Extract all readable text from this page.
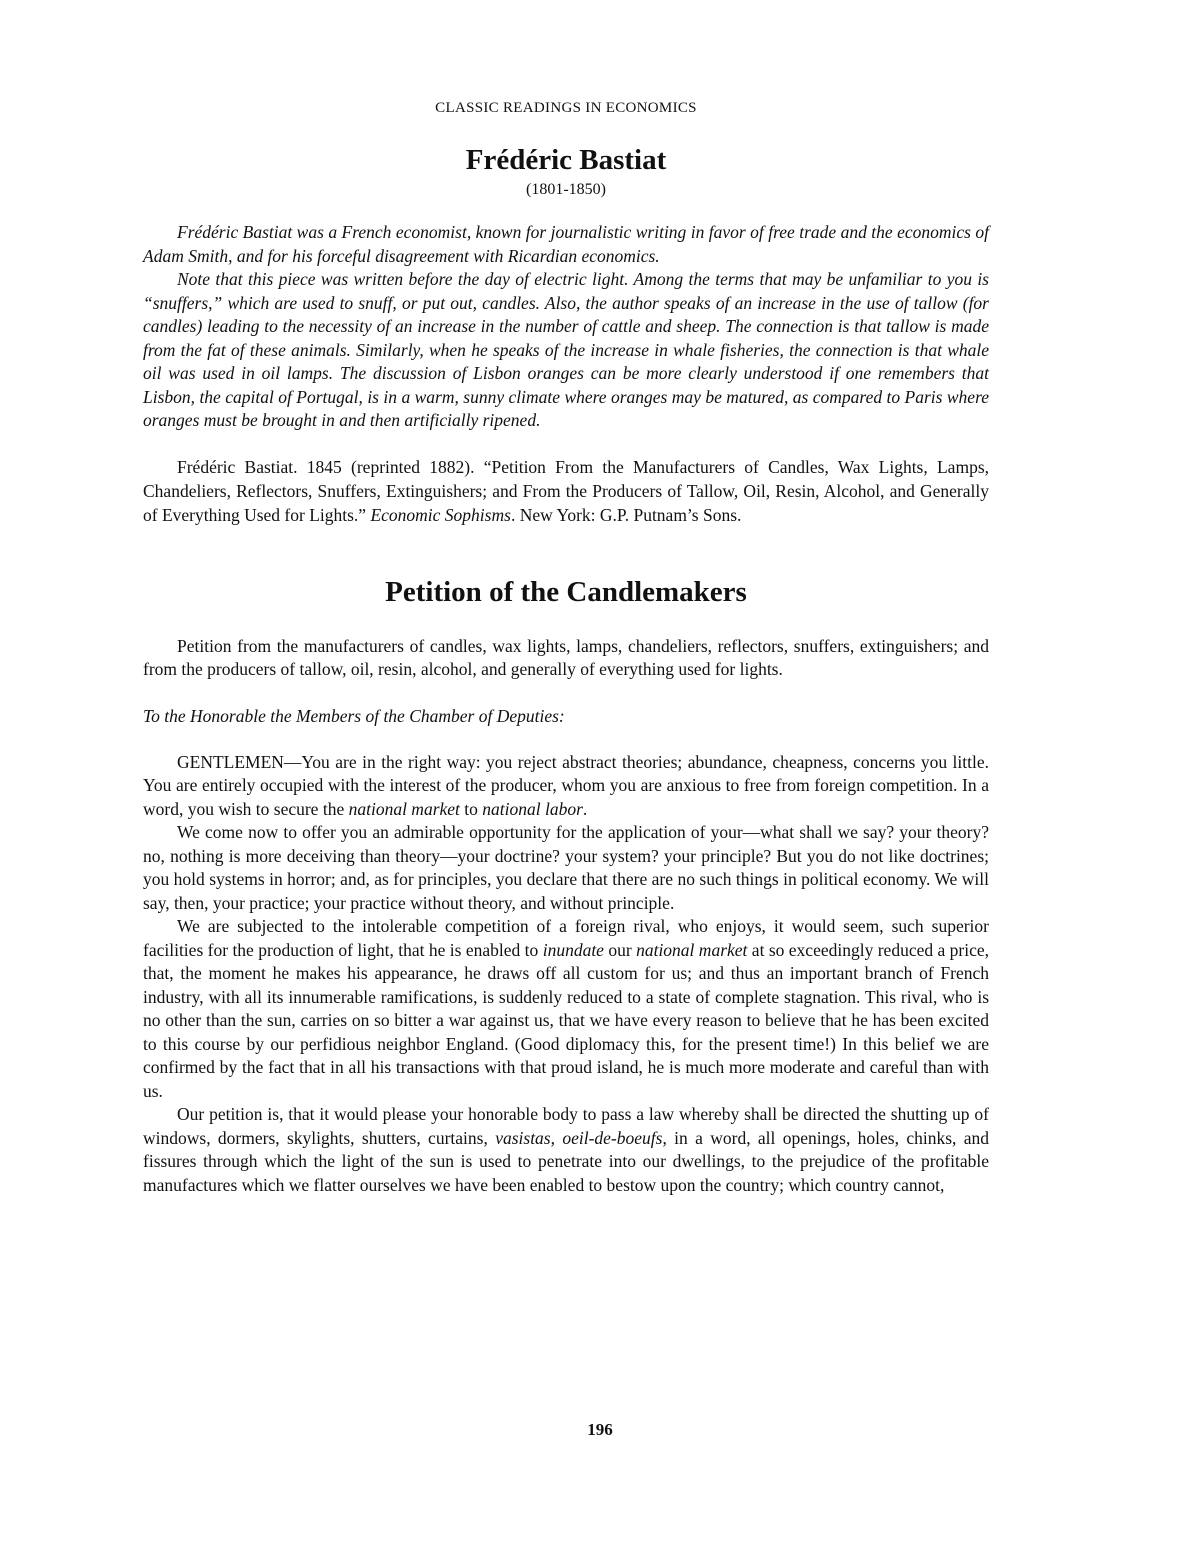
CLASSIC READINGS IN ECONOMICS
Frédéric Bastiat
(1801-1850)

Frédéric Bastiat was a French economist, known for journalistic writing in favor of free trade and the economics of Adam Smith, and for his forceful disagreement with Ricardian economics.

Note that this piece was written before the day of electric light. Among the terms that may be unfamiliar to you is “snuffers,” which are used to snuff, or put out, candles. Also, the author speaks of an increase in the use of tallow (for candles) leading to the necessity of an increase in the number of cattle and sheep. The connection is that tallow is made from the fat of these animals. Similarly, when he speaks of the increase in whale fisheries, the connection is that whale oil was used in oil lamps. The discussion of Lisbon oranges can be more clearly understood if one remembers that Lisbon, the capital of Portugal, is in a warm, sunny climate where oranges may be matured, as compared to Paris where oranges must be brought in and then artificially ripened.

Frédéric Bastiat. 1845 (reprinted 1882). “Petition From the Manufacturers of Candles, Wax Lights, Lamps, Chandeliers, Reflectors, Snuffers, Extinguishers; and From the Producers of Tallow, Oil, Resin, Alcohol, and Generally of Everything Used for Lights.” Economic Sophisms. New York: G.P. Putnam’s Sons.

Petition of the Candlemakers

Petition from the manufacturers of candles, wax lights, lamps, chandeliers, reflectors, snuffers, extinguishers; and from the producers of tallow, oil, resin, alcohol, and generally of everything used for lights.

To the Honorable the Members of the Chamber of Deputies:

GENTLEMEN—You are in the right way: you reject abstract theories; abundance, cheapness, concerns you little. You are entirely occupied with the interest of the producer, whom you are anxious to free from foreign competition. In a word, you wish to secure the national market to national labor.

We come now to offer you an admirable opportunity for the application of your—what shall we say? your theory? no, nothing is more deceiving than theory—your doctrine? your system? your principle? But you do not like doctrines; you hold systems in horror; and, as for principles, you declare that there are no such things in political economy. We will say, then, your practice; your practice without theory, and without principle.

We are subjected to the intolerable competition of a foreign rival, who enjoys, it would seem, such superior facilities for the production of light, that he is enabled to inundate our national market at so exceedingly reduced a price, that, the moment he makes his appearance, he draws off all custom for us; and thus an important branch of French industry, with all its innumerable ramifications, is suddenly reduced to a state of complete stagnation. This rival, who is no other than the sun, carries on so bitter a war against us, that we have every reason to believe that he has been excited to this course by our perfidious neighbor England. (Good diplomacy this, for the present time!) In this belief we are confirmed by the fact that in all his transactions with that proud island, he is much more moderate and careful than with us.

Our petition is, that it would please your honorable body to pass a law whereby shall be directed the shutting up of windows, dormers, skylights, shutters, curtains, vasistas, oeil-de-boeufs, in a word, all openings, holes, chinks, and fissures through which the light of the sun is used to penetrate into our dwellings, to the prejudice of the profitable manufactures which we flatter ourselves we have been enabled to bestow upon the country; which country cannot,

196
